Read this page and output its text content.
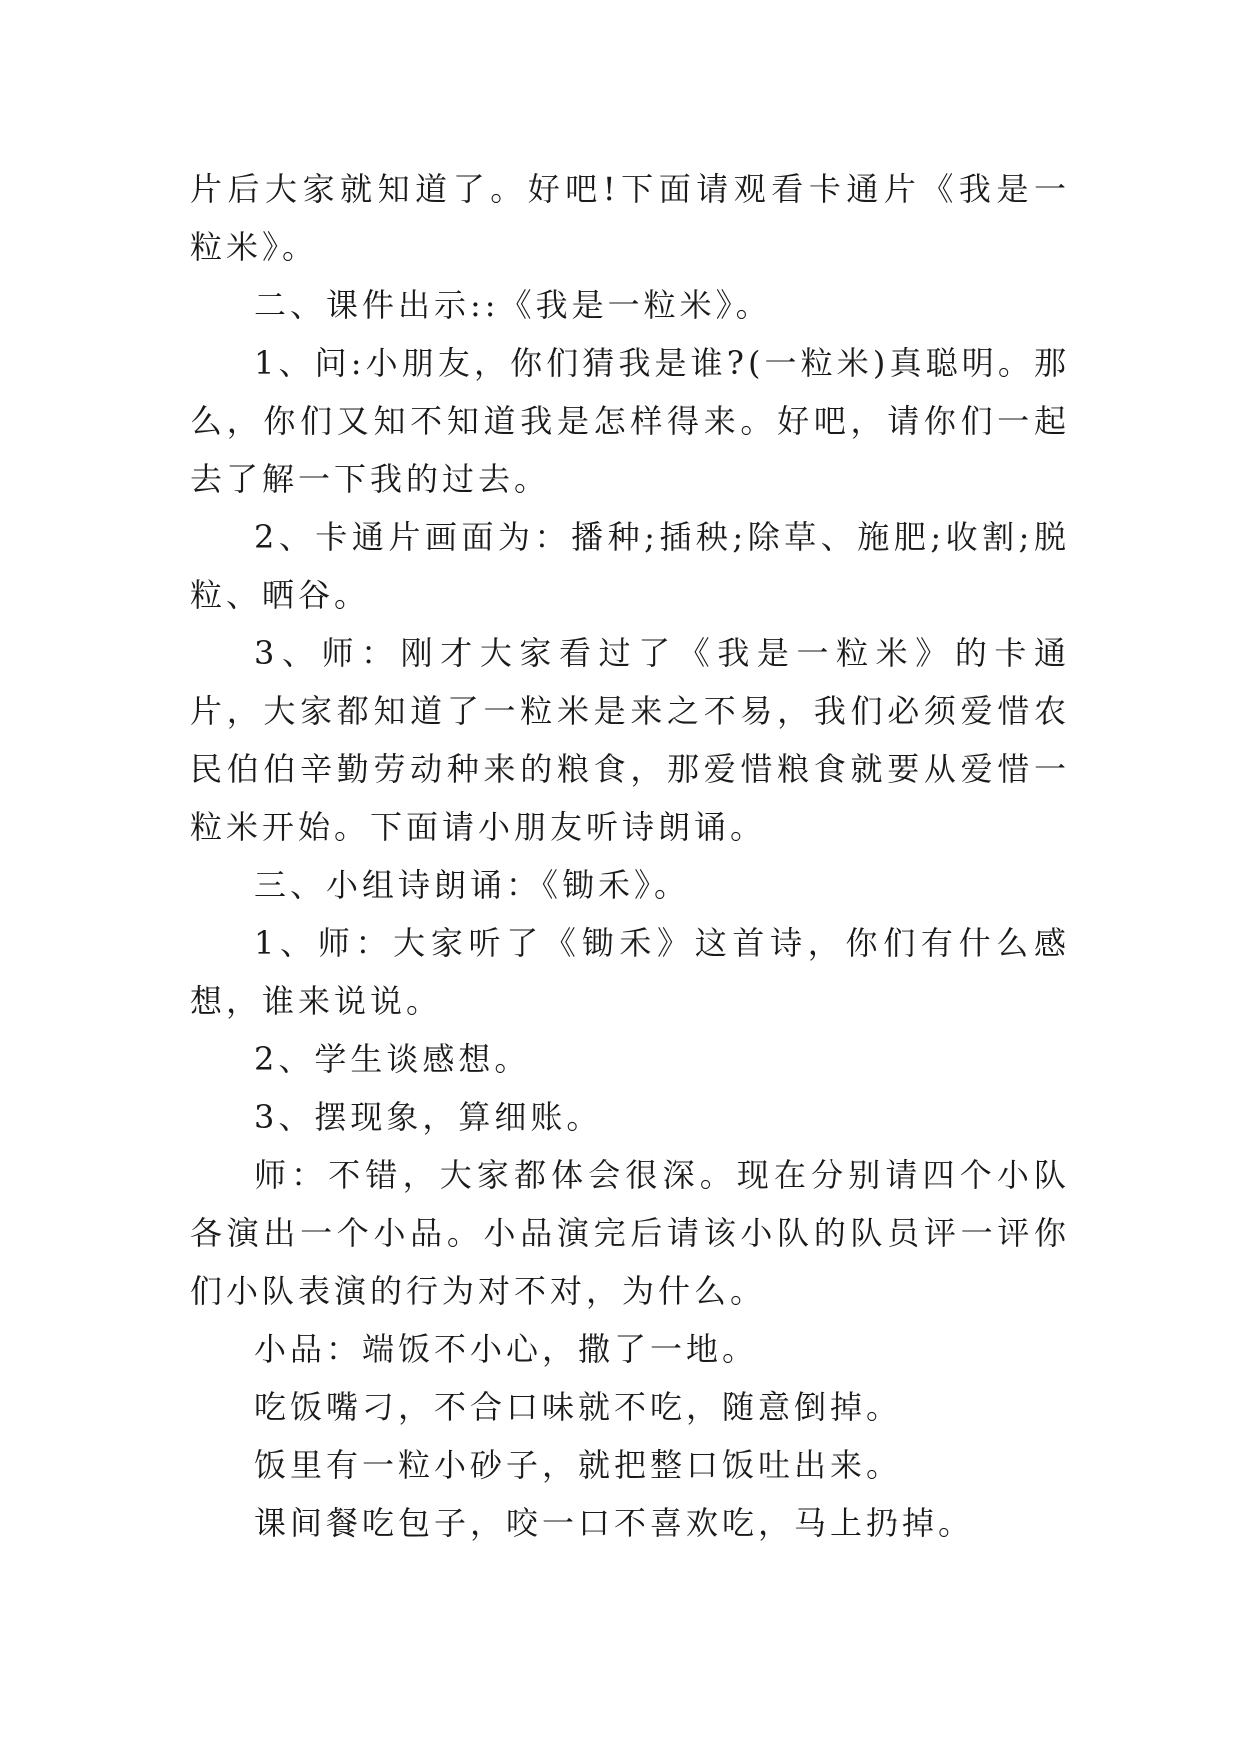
片后大家就知道了。好吧!下面请观看卡通片《我是一粒米》。

二、课件出示::《我是一粒米》。

1、问:小朋友，你们猜我是谁?(一粒米)真聪明。那么，你们又知不知道我是怎样得来。好吧，请你们一起去了解一下我的过去。

2、卡通片画面为：播种;插秧;除草、施肥;收割;脱粒、晒谷。

3、师：刚才大家看过了《我是一粒米》的卡通片，大家都知道了一粒米是来之不易，我们必须爱惜农民伯伯辛勤劳动种来的粮食，那爱惜粮食就要从爱惜一粒米开始。下面请小朋友听诗朗诵。

三、小组诗朗诵：《锄禾》。

1、师：大家听了《锄禾》这首诗，你们有什么感想，谁来说说。

2、学生谈感想。

3、摆现象，算细账。

师：不错，大家都体会很深。现在分别请四个小队各演出一个小品。小品演完后请该小队的队员评一评你们小队表演的行为对不对，为什么。

小品：端饭不小心，撒了一地。

吃饭嘴刁，不合口味就不吃，随意倒掉。

饭里有一粒小砂子，就把整口饭吐出来。

课间餐吃包子，咬一口不喜欢吃，马上扔掉。
